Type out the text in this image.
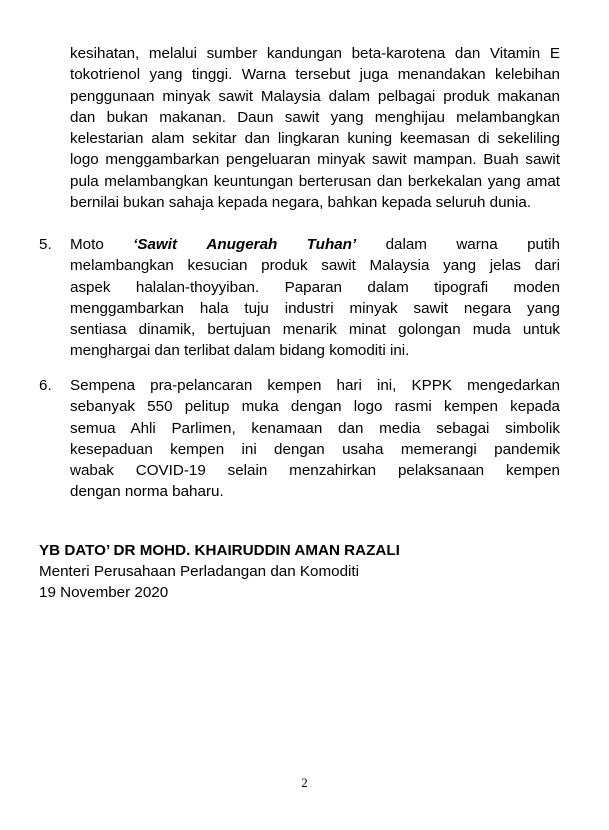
kesihatan, melalui sumber kandungan beta-karotena dan Vitamin E
tokotrienol yang tinggi. Warna tersebut juga menandakan kelebihan
penggunaan minyak sawit Malaysia dalam pelbagai produk makanan
dan bukan makanan. Daun sawit yang menghijau melambangkan
kelestarian alam sekitar dan lingkaran kuning keemasan di sekeliling
logo menggambarkan pengeluaran minyak sawit mampan. Buah sawit
pula melambangkan keuntungan berterusan dan berkekalan yang amat
bernilai bukan sahaja kepada negara, bahkan kepada seluruh dunia.
5.	Moto ‘Sawit Anugerah Tuhan’ dalam warna putih
melambangkan kesucian produk sawit Malaysia yang jelas dari
aspek halalan-thoyyiban. Paparan dalam tipografi moden
menggambarkan hala tuju industri minyak sawit negara yang
sentiasa dinamik, bertujuan menarik minat golongan muda untuk
menghargai dan terlibat dalam bidang komoditi ini.
6.	Sempena pra-pelancaran kempen hari ini, KPPK mengedarkan
sebanyak 550 pelitup muka dengan logo rasmi kempen kepada
semua Ahli Parlimen, kenamaan dan media sebagai simbolik
kesepaduan kempen ini dengan usaha memerangi pandemik
wabak COVID-19 selain menzahirkan pelaksanaan kempen
dengan norma baharu.
YB DATO’ DR MOHD. KHAIRUDDIN AMAN RAZALI
Menteri Perusahaan Perladangan dan Komoditi
19 November 2020
2
